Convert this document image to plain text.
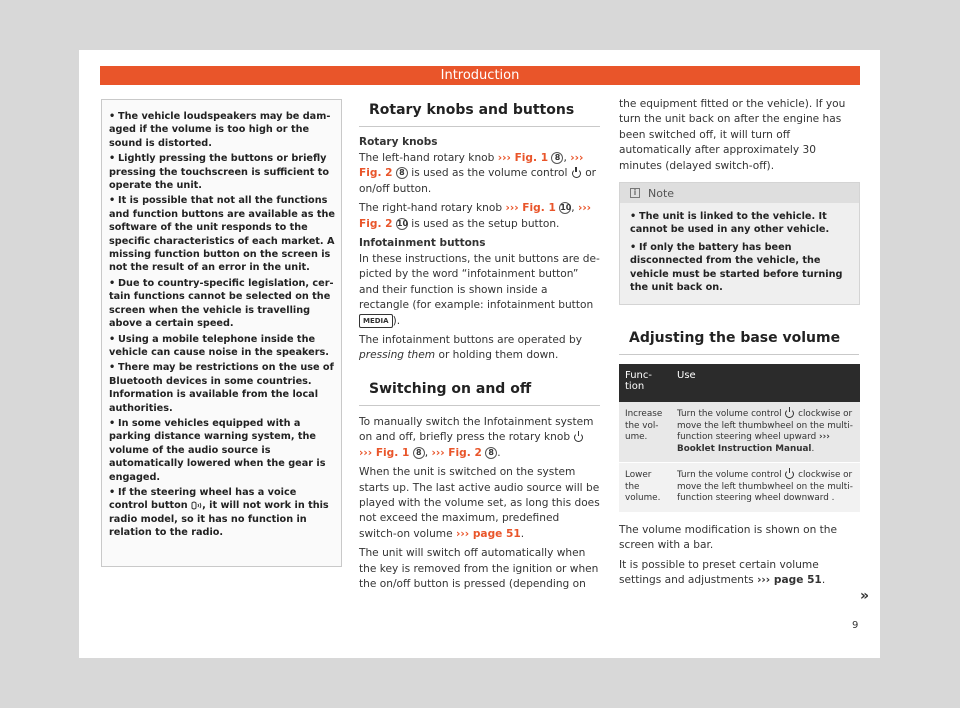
Introduction
• The vehicle loudspeakers may be damaged if the volume is too high or the sound is distorted.
• Lightly pressing the buttons or briefly pressing the touchscreen is sufficient to operate the unit.
• It is possible that not all the functions and function buttons are available as the software of the unit responds to the specific characteristics of each market. A missing function button on the screen is not the result of an error in the unit.
• Due to country-specific legislation, certain functions cannot be selected on the screen when the vehicle is travelling above a certain speed.
• Using a mobile telephone inside the vehicle can cause noise in the speakers.
• There may be restrictions on the use of Bluetooth devices in some countries. Information is available from the local authorities.
• In some vehicles equipped with a parking distance warning system, the volume of the audio source is automatically lowered when the gear is engaged.
• If the steering wheel has a voice control button , it will not work in this radio model, so it has no function in relation to the radio.
Rotary knobs and buttons
Rotary knobs

The left-hand rotary knob ››› Fig. 1 8 , ››› Fig. 2 8 is used as the volume control or on/off button.

The right-hand rotary knob ››› Fig. 1 10, ››› Fig. 2 10 is used as the setup button.

Infotainment buttons

In these instructions, the unit buttons are depicted by the word “infotainment button” and their function is shown inside a rectangle (for example: infotainment button MEDIA ).

The infotainment buttons are operated by pressing them or holding them down.

Switching on and off

To manually switch the Infotainment system on and off, briefly press the rotary knob  ››› Fig. 1 8 , ››› Fig. 2 8 .

When the unit is switched on the system starts up. The last active audio source will be played with the volume set, as long this does not exceed the maximum, predefined switch-on volume ››› page 51.

The unit will switch off automatically when the key is removed from the ignition or when the on/off button is pressed (depending on

the equipment fitted or the vehicle). If you turn the unit back on after the engine has been switched off, it will turn off automatically after approximately 30 minutes (delayed switch-off).

i	Note
• The unit is linked to the vehicle. It cannot be used in any other vehicle.
• If only the battery has been disconnected from the vehicle, the vehicle must be started before turning the unit back on.
Adjusting the base volume
Function	Use
Increase the volume.	Turn the volume control clockwise or move the left thumbwheel on the multi-function steering wheel upward ››› Booklet Instruction Manual.
Lower the volume.	Turn the volume control clockwise or move the left thumbwheel on the multi-function steering wheel downward .

The volume modification is shown on the screen with a bar.

It is possible to preset certain volume settings and adjustments ››› page 51.

»
9
